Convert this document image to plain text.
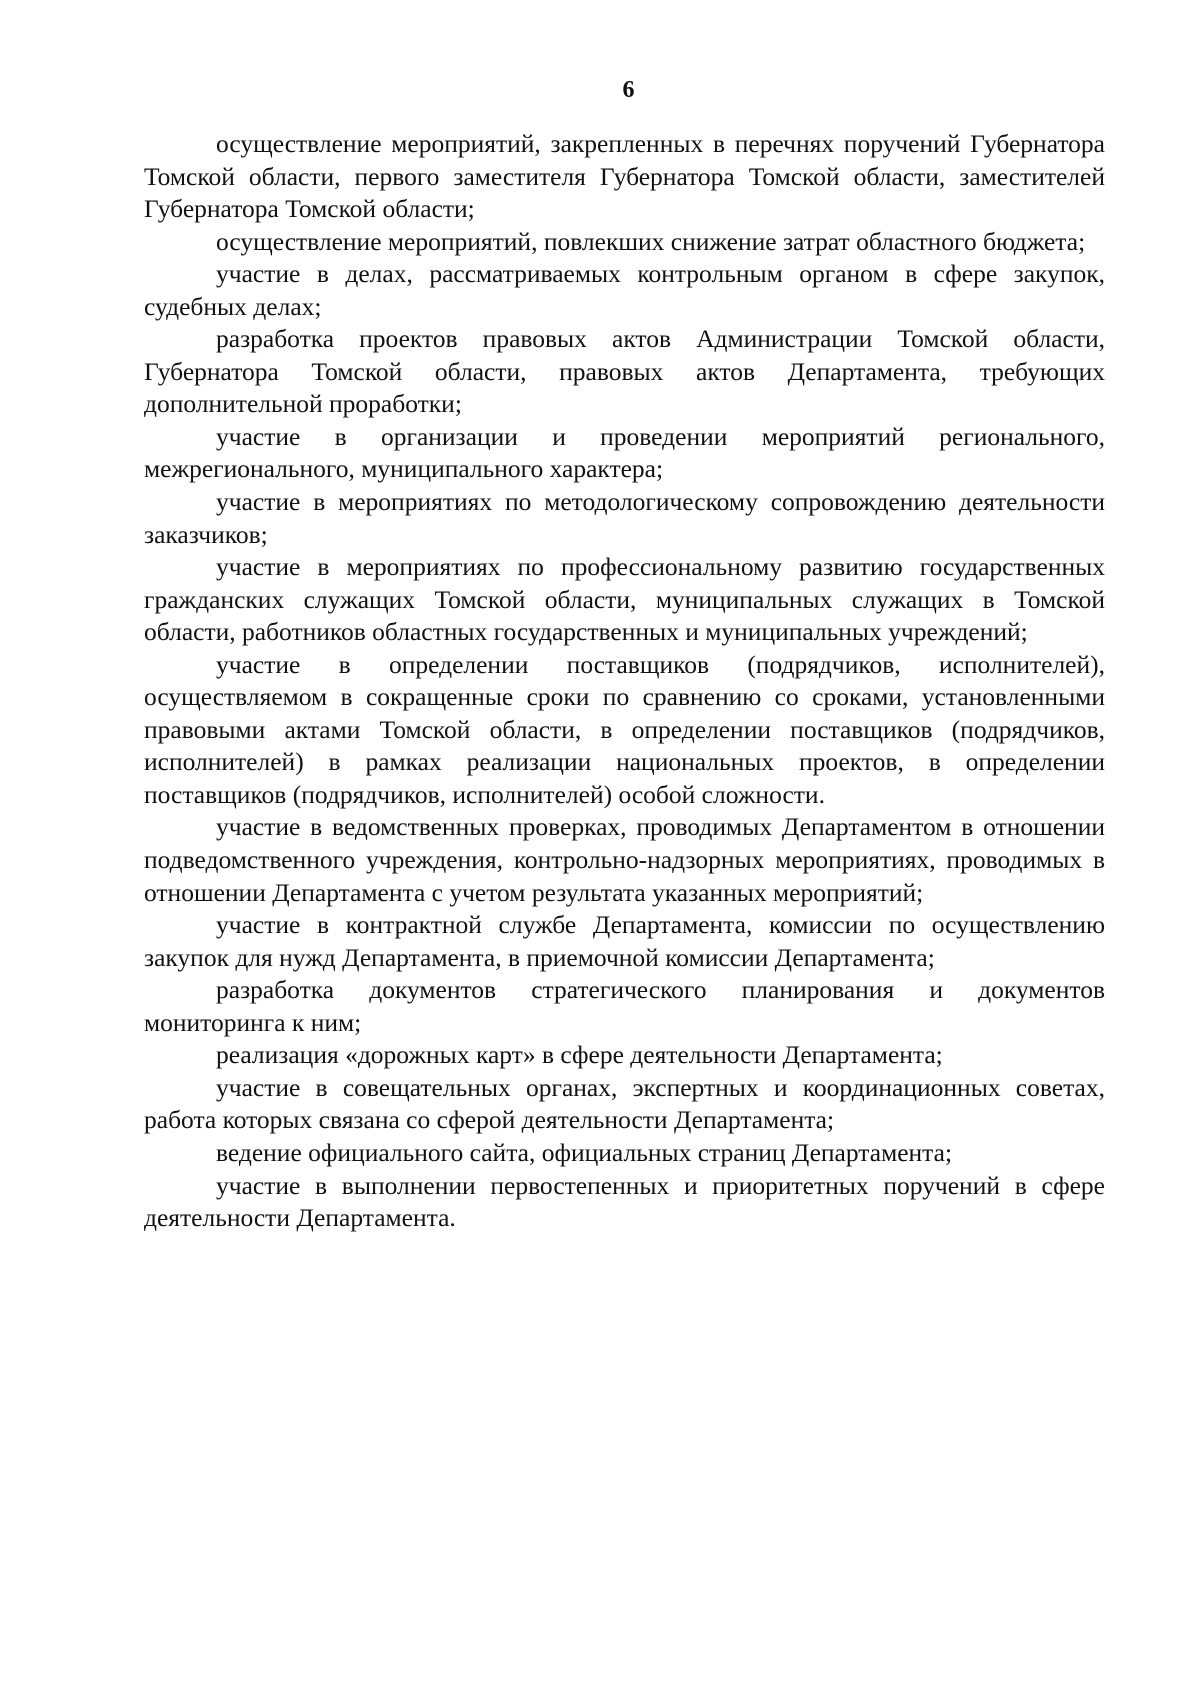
6

осуществление мероприятий, закрепленных в перечнях поручений Губернатора Томской области, первого заместителя Губернатора Томской области, заместителей Губернатора Томской области;

осуществление мероприятий, повлекших снижение затрат областного бюджета;

участие в делах, рассматриваемых контрольным органом в сфере закупок, судебных делах;

разработка проектов правовых актов Администрации Томской области, Губернатора Томской области, правовых актов Департамента, требующих дополнительной проработки;

участие в организации и проведении мероприятий регионального, межрегионального, муниципального характера;

участие в мероприятиях по методологическому сопровождению деятельности заказчиков;

участие в мероприятиях по профессиональному развитию государственных гражданских служащих Томской области, муниципальных служащих в Томской области, работников областных государственных и муниципальных учреждений;

участие в определении поставщиков (подрядчиков, исполнителей), осуществляемом в сокращенные сроки по сравнению со сроками, установленными правовыми актами Томской области, в определении поставщиков (подрядчиков, исполнителей) в рамках реализации национальных проектов, в определении поставщиков (подрядчиков, исполнителей) особой сложности.

участие в ведомственных проверках, проводимых Департаментом в отношении подведомственного учреждения, контрольно-надзорных мероприятиях, проводимых в отношении Департамента с учетом результата указанных мероприятий;

участие в контрактной службе Департамента, комиссии по осуществлению закупок для нужд Департамента, в приемочной комиссии Департамента;

разработка документов стратегического планирования и документов мониторинга к ним;

реализация «дорожных карт» в сфере деятельности Департамента;

участие в совещательных органах, экспертных и координационных советах, работа которых связана со сферой деятельности Департамента;

ведение официального сайта, официальных страниц Департамента;

участие в выполнении первостепенных и приоритетных поручений в сфере деятельности Департамента.
